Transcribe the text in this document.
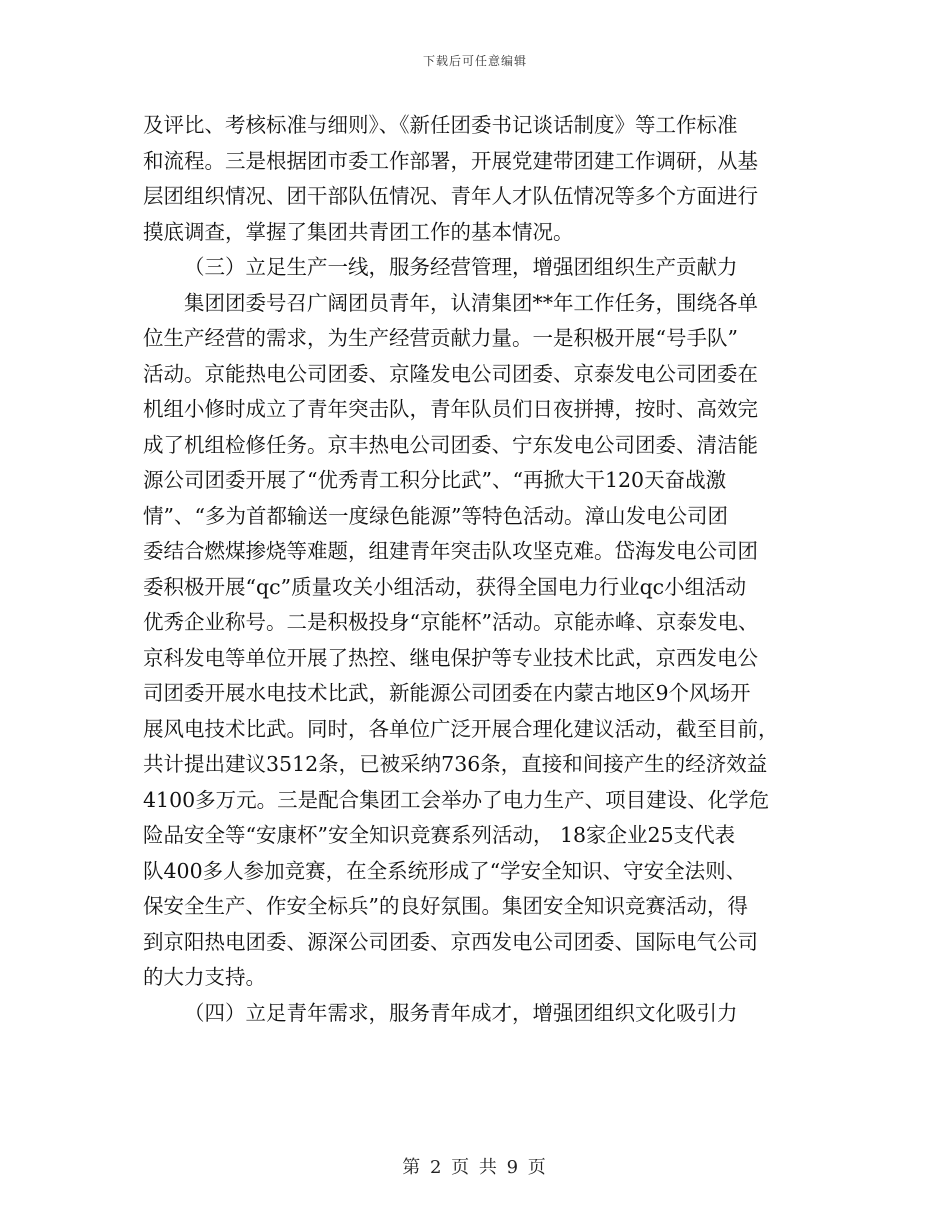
下载后可任意编辑
及评比、考核标准与细则》、《新任团委书记谈话制度》等工作标准
和流程。三是根据团市委工作部署，开展党建带团建工作调研，从基
层团组织情况、团干部队伍情况、青年人才队伍情况等多个方面进行
摸底调查，掌握了集团共青团工作的基本情况。
（三）立足生产一线，服务经营管理，增强团组织生产贡献力
集团团委号召广阔团员青年，认清集团**年工作任务，围绕各单
位生产经营的需求，为生产经营贡献力量。一是积极开展“号手队”
活动。京能热电公司团委、京隆发电公司团委、京泰发电公司团委在
机组小修时成立了青年突击队，青年队员们日夜拼搏，按时、高效完
成了机组检修任务。京丰热电公司团委、宁东发电公司团委、清洁能
源公司团委开展了“优秀青工积分比武”、“再掀大干120天奋战激
情”、“多为首都输送一度绿色能源”等特色活动。漳山发电公司团
委结合燃煤掺烧等难题，组建青年突击队攻坚克难。岱海发电公司团
委积极开展“qc”质量攻关小组活动，获得全国电力行业qc小组活动
优秀企业称号。二是积极投身“京能杯”活动。京能赤峰、京泰发电、
京科发电等单位开展了热控、继电保护等专业技术比武，京西发电公
司团委开展水电技术比武，新能源公司团委在内蒙古地区9个风场开
展风电技术比武。同时，各单位广泛开展合理化建议活动，截至目前，
共计提出建议3512条，已被采纳736条，直接和间接产生的经济效益
4100多万元。三是配合集团工会举办了电力生产、项目建设、化学危
险品安全等“安康杯”安全知识竞赛系列活动， 18家企业25支代表
队400多人参加竞赛，在全系统形成了“学安全知识、守安全法则、
保安全生产、作安全标兵”的良好氛围。集团安全知识竞赛活动，得
到京阳热电团委、源深公司团委、京西发电公司团委、国际电气公司
的大力支持。
（四）立足青年需求，服务青年成才，增强团组织文化吸引力
第 2 页 共 9 页
